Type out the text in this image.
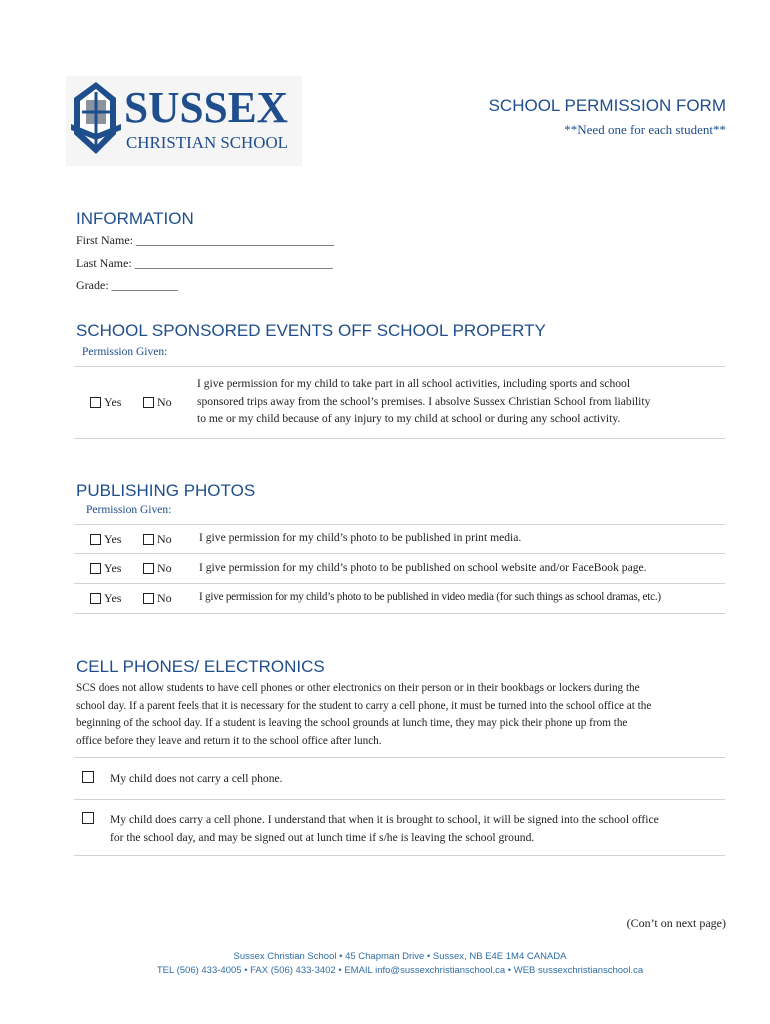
SUSSEX
CHRISTIAN SCHOOL
SCHOOL PERMISSION FORM
**Need one for each student**
INFORMATION
First Name: _________________________________
Last Name: _________________________________
Grade: ___________
SCHOOL SPONSORED EVENTS OFF SCHOOL PROPERTY
Permission Given:
Yes	No
I give permission for my child to take part in all school activities, including sports and school
sponsored trips away from the school’s premises. I absolve Sussex Christian School from liability
to me or my child because of any injury to my child at school or during any school activity.
PUBLISHING PHOTOS
Permission Given:
Yes	No I give permission for my child’s photo to be published in print media.
Yes	No I give permission for my child’s photo to be published on school website and/or FaceBook page.
Yes	No I give permission for my child’s photo to be published in video media (for such things as school dramas, etc.)
CELL PHONES/ ELECTRONICS
SCS does not allow students to have cell phones or other electronics on their person or in their bookbags or lockers during the
school day. If a parent feels that it is necessary for the student to carry a cell phone, it must be turned into the school office at the
beginning of the school day. If a student is leaving the school grounds at lunch time, they may pick their phone up from the
office before they leave and return it to the school office after lunch.
My child does not carry a cell phone.
My child does carry a cell phone. I understand that when it is brought to school, it will be signed into the school office
for the school day, and may be signed out at lunch time if s/he is leaving the school ground.
(Con’t on next page)
Sussex Christian School • 45 Chapman Drive • Sussex, NB E4E 1M4 CANADA
TEL (506) 433-4005 • FAX (506) 433-3402 • EMAIL info@sussexchristianschool.ca • WEB sussexchristianschool.ca
